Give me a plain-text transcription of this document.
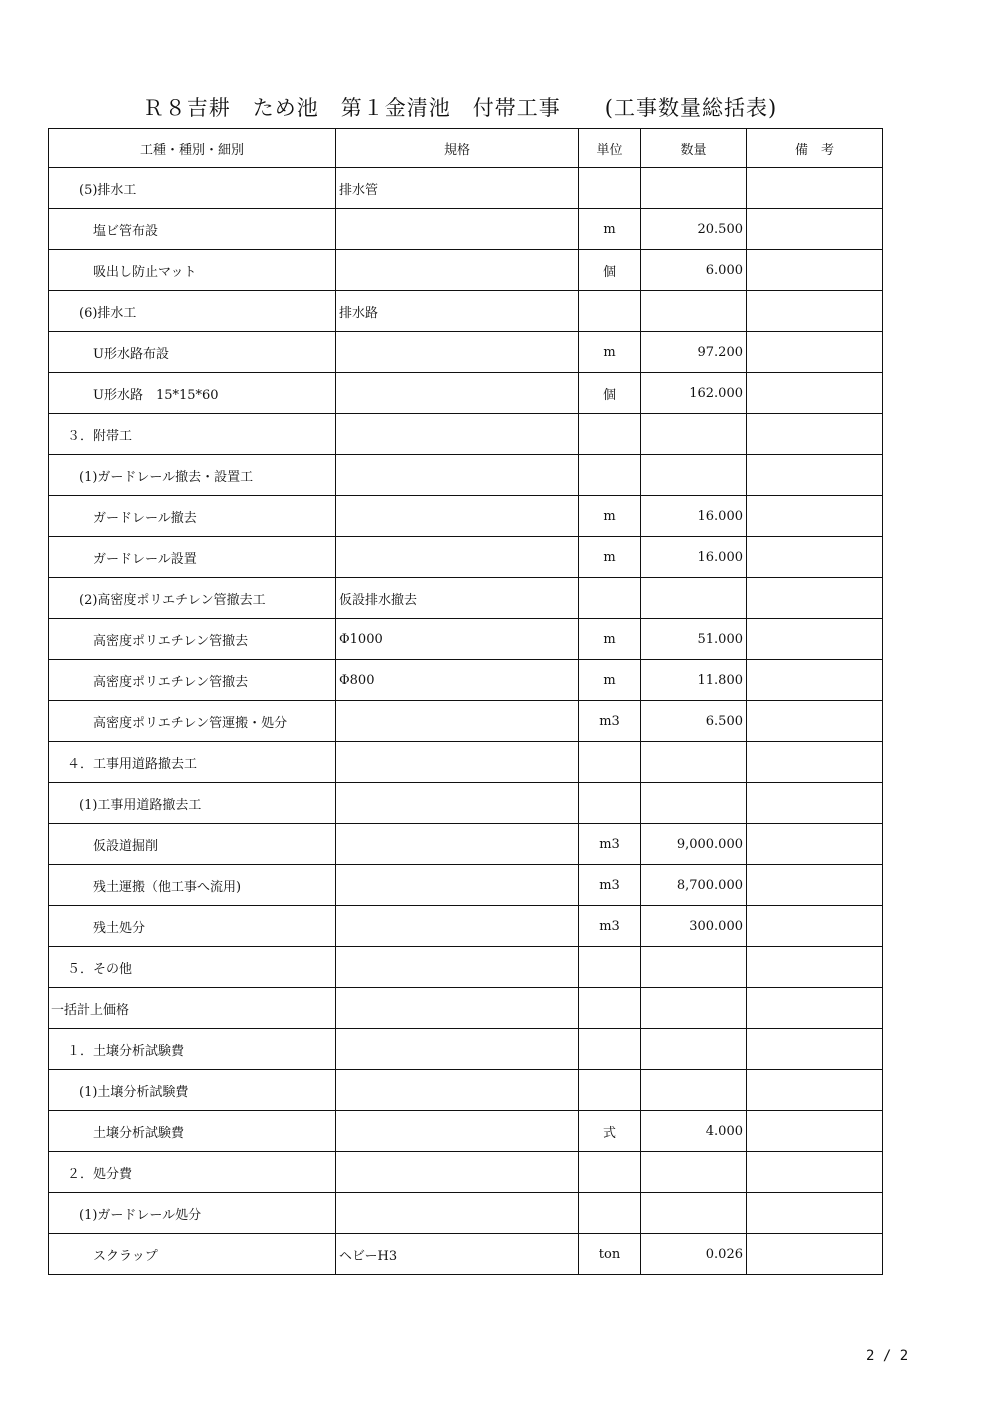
Ｒ８吉耕　ため池　第１金清池　付帯工事　　(工事数量総括表)
工種・種別・細別	規格	単位	数量	備　考
(5)排水工	排水管			
塩ビ管布設		m	20.500	
吸出し防止マット		個	6.000	
(6)排水工	排水路			
U形水路布設		m	97.200	
U形水路　15*15*60		個	162.000	
３．附帯工				
(1)ガードレール撤去・設置工				
ガードレール撤去		m	16.000	
ガードレール設置		m	16.000	
(2)高密度ポリエチレン管撤去工	仮設排水撤去			
高密度ポリエチレン管撤去	Φ1000	m	51.000	
高密度ポリエチレン管撤去	Φ800	m	11.800	
高密度ポリエチレン管運搬・処分		m3	6.500	
４．工事用道路撤去工				
(1)工事用道路撤去工				
仮設道掘削		m3	9,000.000	
残土運搬（他工事へ流用)		m3	8,700.000	
残土処分		m3	300.000	
５．その他				
一括計上価格				
１．土壌分析試験費				
(1)土壌分析試験費				
土壌分析試験費		式	4.000	
２．処分費				
(1)ガードレール処分				
スクラップ	ヘビーH3	ton	0.026	
2 / 2
